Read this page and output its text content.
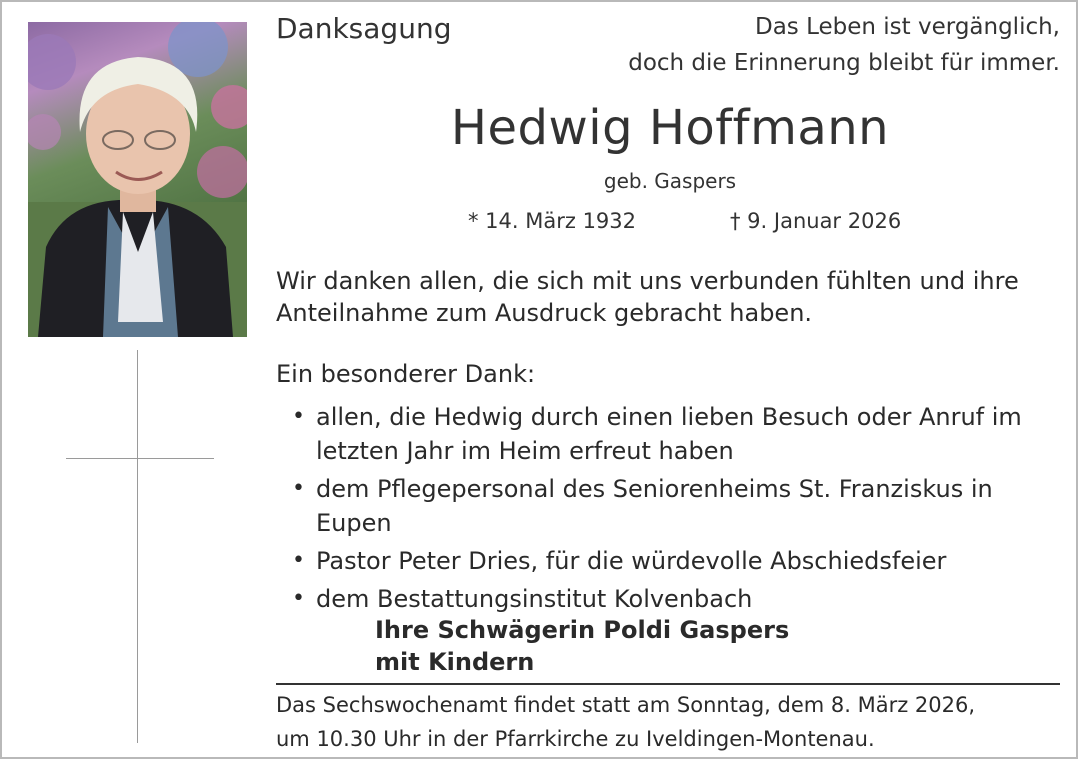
Danksagung	Das Leben ist vergänglich,
doch die Erinnerung bleibt für immer.
Hedwig Hoffmann
geb. Gaspers
* 14. März 1932	† 9. Januar 2026
Wir danken allen, die sich mit uns verbunden fühlten und ihre
Anteilnahme zum Ausdruck gebracht haben.
Ein besonderer Dank:
• allen, die Hedwig durch einen lieben Besuch oder Anruf im
letzten Jahr im Heim erfreut haben
• dem Pflegepersonal des Seniorenheims St. Franziskus in Eupen
• Pastor Peter Dries, für die würdevolle Abschiedsfeier
• dem Bestattungsinstitut Kolvenbach
Ihre Schwägerin Poldi Gaspers
mit Kindern
Das Sechswochenamt findet statt am Sonntag, dem 8. März 2026,
um 10.30 Uhr in der Pfarrkirche zu Iveldingen-Montenau.
